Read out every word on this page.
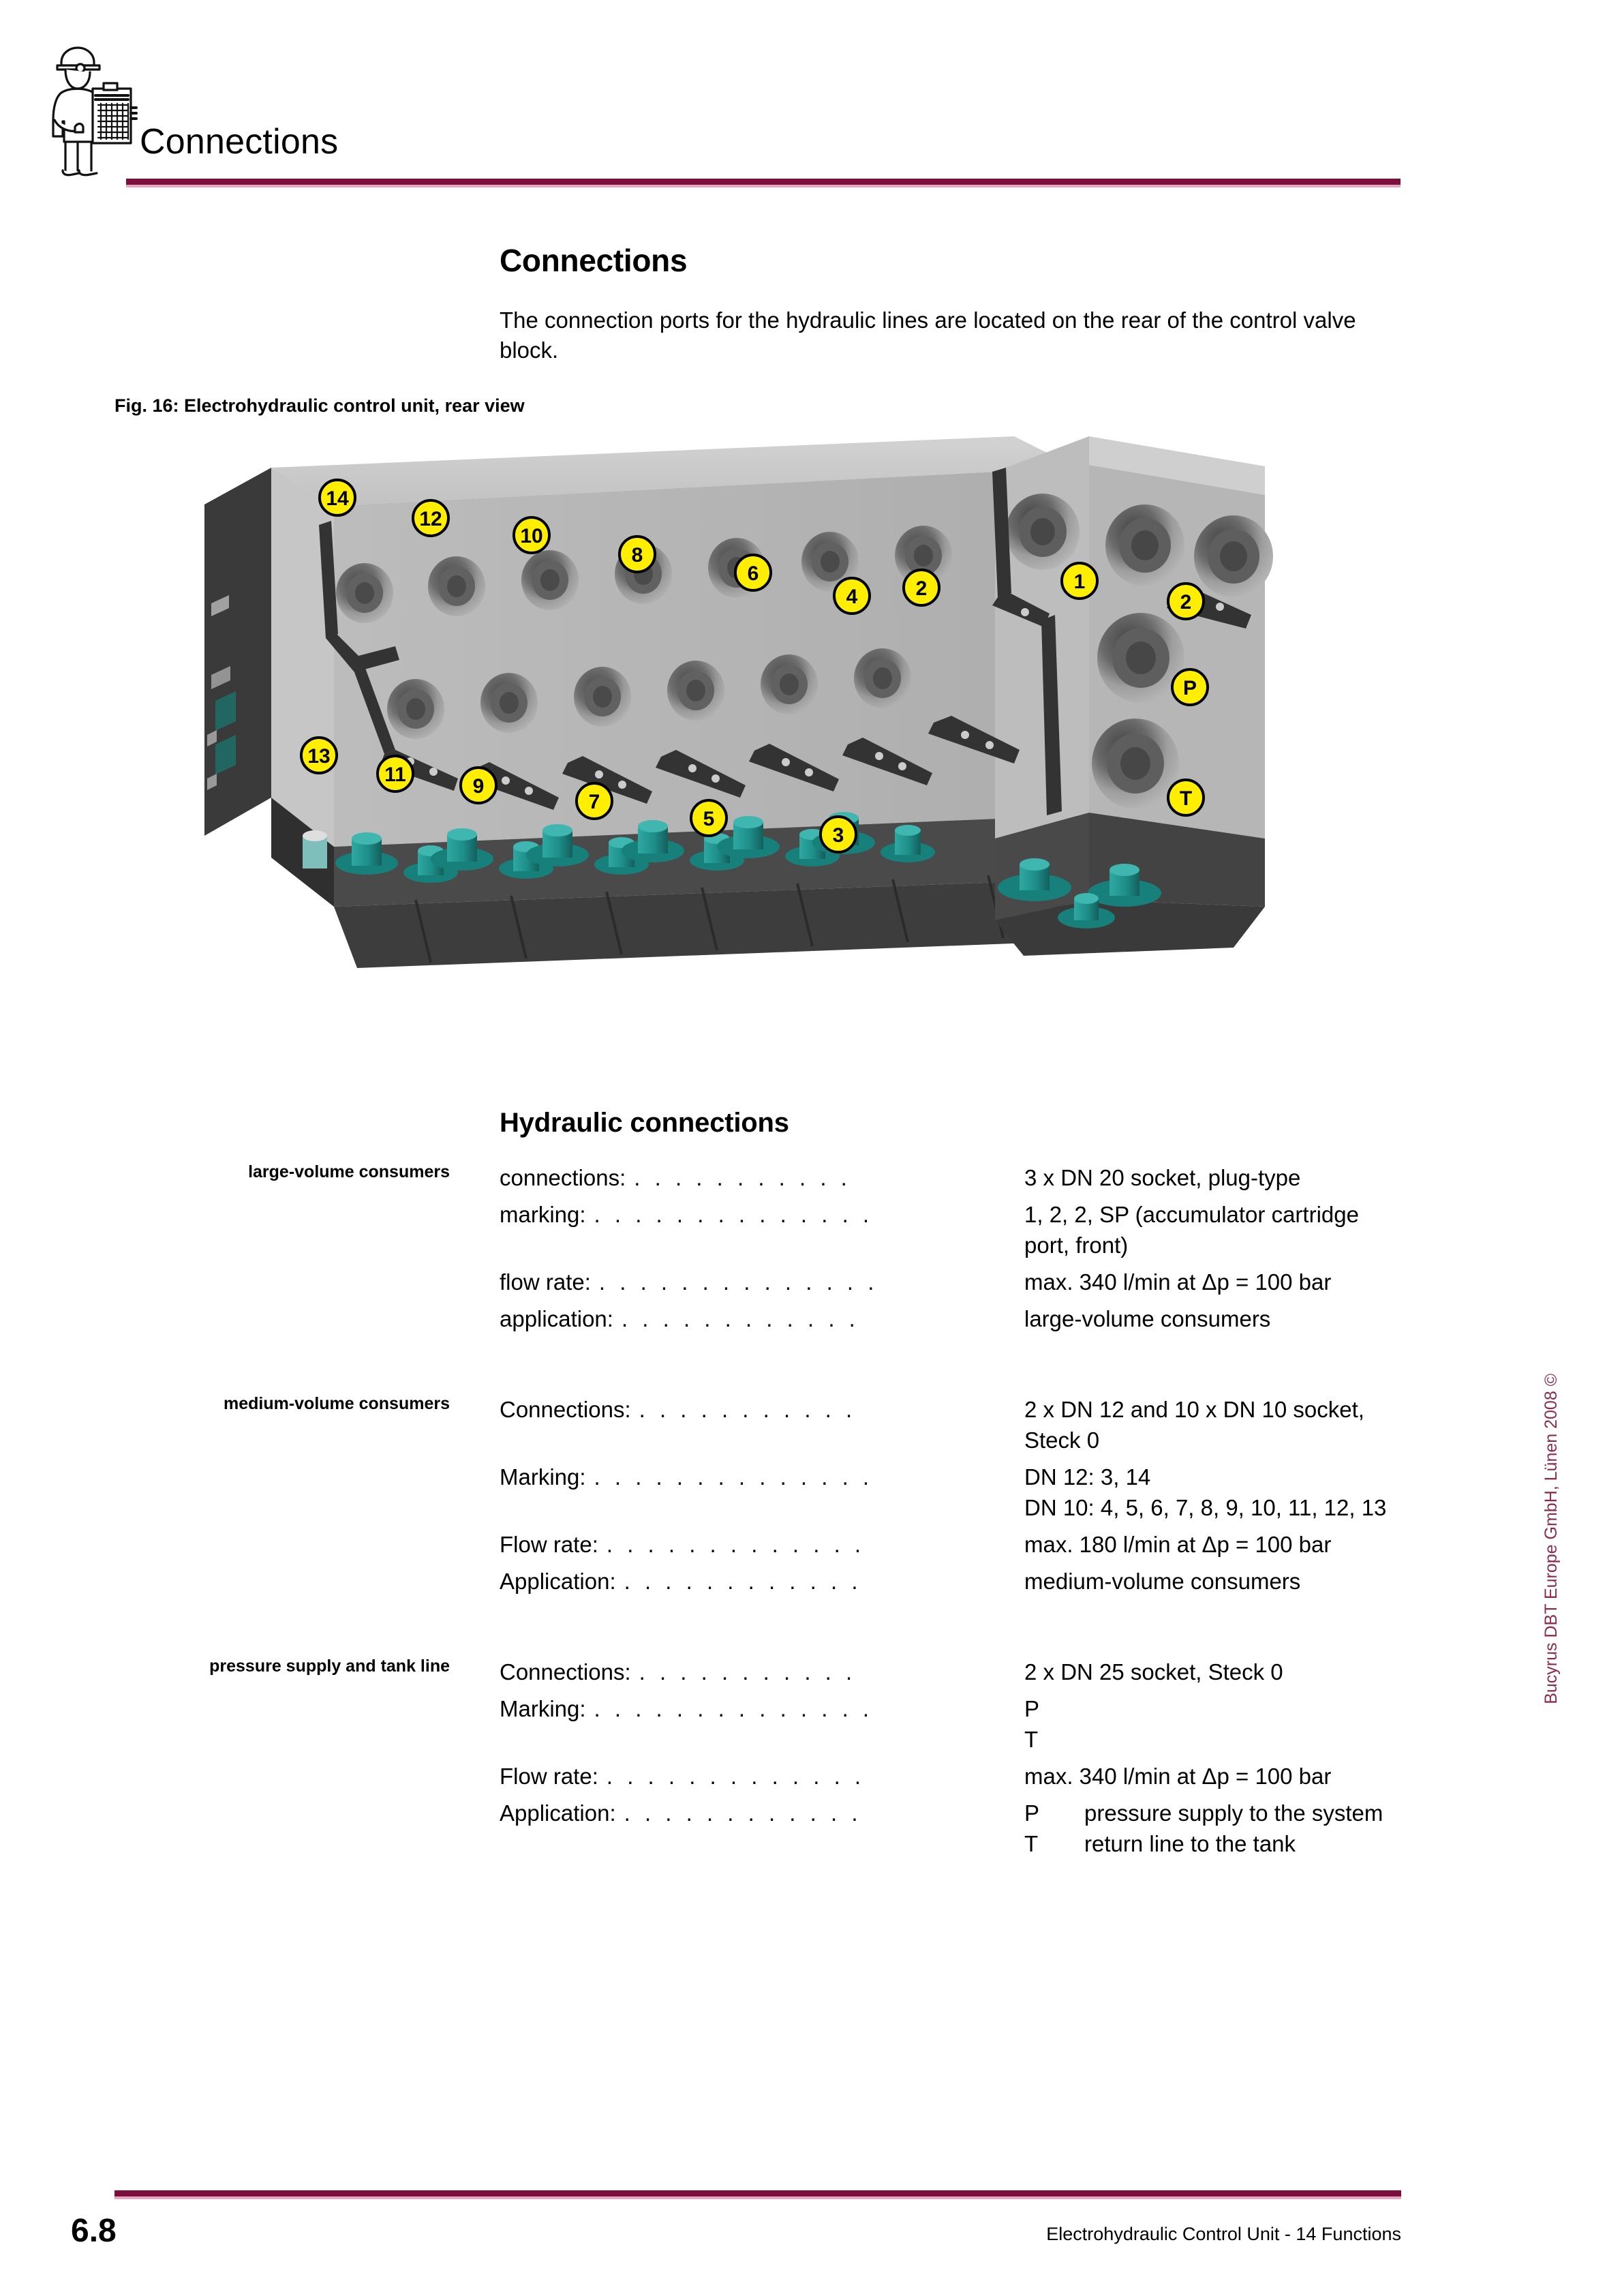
Connections
Connections
The connection ports for the hydraulic lines are located on the rear of the control valve block.
Fig. 16: Electrohydraulic control unit, rear view
14
12
10
8
6
4	2
13
11
9
7
5
3
1
2
P
T
Hydraulic connections
large-volume consumers connections: . . . . . . . . . . .	3 x DN 20 socket, plug-type
marking: . . . . . . . . . . . . . .	1, 2, 2, SP (accumulator cartridge
port, front)
flow rate: . . . . . . . . . . . . . .	max. 340 l/min at Δp = 100 bar
application: . . . . . . . . . . . .	large-volume consumers
medium-volume consumers Connections: . . . . . . . . . . .	2 x DN 12 and 10 x DN 10 socket,
Steck 0
Marking: . . . . . . . . . . . . . .	DN 12: 3, 14
DN 10: 4, 5, 6, 7, 8, 9, 10, 11, 12, 13
Flow rate: . . . . . . . . . . . . .	max. 180 l/min at Δp = 100 bar
Application: . . . . . . . . . . . .	medium-volume consumers
pressure supply and tank line Connections: . . . . . . . . . . .	2 x DN 25 socket, Steck 0
Marking: . . . . . . . . . . . . . .	P
T
Flow rate: . . . . . . . . . . . . .	max. 340 l/min at Δp = 100 bar
Application: . . . . . . . . . . . .	P	pressure supply to the system
T	return line to the tank
Bucyrus DBT Europe GmbH, Lünen 2008 ©
6.8	Electrohydraulic Control Unit - 14 Functions
